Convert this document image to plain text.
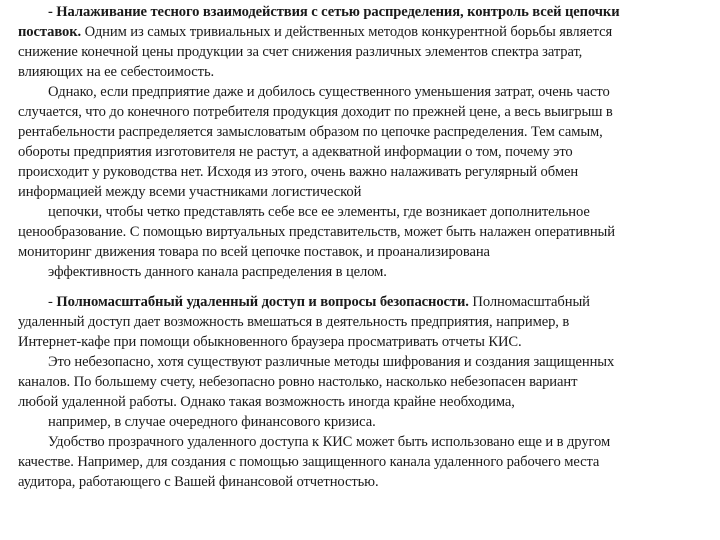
- Налаживание тесного взаимодействия с сетью распределения, контроль всей цепочки
поставок. Одним из самых тривиальных и действенных методов конкурентной борьбы является
снижение конечной цены продукции за счет снижения различных элементов спектра затрат,
влияющих на ее себестоимость.
Однако, если предприятие даже и добилось существенного уменьшения затрат, очень часто
случается, что до конечного потребителя продукция доходит по прежней цене, а весь выигрыш в
рентабельности распределяется замысловатым образом по цепочке распределения. Тем самым,
обороты предприятия изготовителя не растут, а адекватной информации о том, почему это
происходит у руководства нет. Исходя из этого, очень важно налаживать регулярный обмен
информацией между всеми участниками логистической
цепочки, чтобы четко представлять себе все ее элементы, где возникает дополнительное
ценообразование. С помощью виртуальных представительств, может быть налажен оперативный
мониторинг движения товара по всей цепочке поставок, и проанализирована
эффективность данного канала распределения в целом.
- Полномасштабный удаленный доступ и вопросы безопасности. Полномасштабный
удаленный доступ дает возможность вмешаться в деятельность предприятия, например, в
Интернет-кафе при помощи обыкновенного браузера просматривать отчеты КИС.
Это небезопасно, хотя существуют различные методы шифрования и создания защищенных
каналов. По большему счету, небезопасно ровно настолько, насколько небезопасен вариант
любой удаленной работы. Однако такая возможность иногда крайне необходима,
например, в случае очередного финансового кризиса.
Удобство прозрачного удаленного доступа к КИС может быть использовано еще и в другом
качестве. Например, для создания с помощью защищенного канала удаленного рабочего места
аудитора, работающего с Вашей финансовой отчетностью.
